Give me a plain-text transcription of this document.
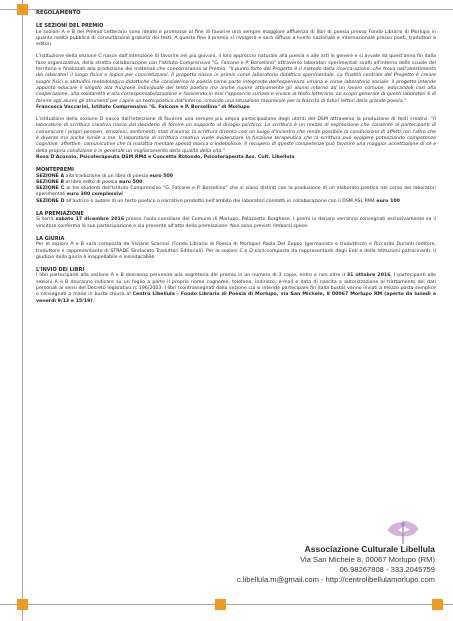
REGOLAMENTO
LE SEZIONI DEL PREMIO

Le sezioni A e B del Premio Letterario sono ideate e promosse al fine di favorire una sempre maggiore affluenza di libri di poesia presso Fondo Librario di Morlupo in quanto realtà pubblica di consultazione gratuita dei testi. A questo fine il premio si rivolgerà e sarà diffuso a livello nazionale e internazionale presso poeti, traduttori e editori.

L'istituzione della sezione C nasce dall'intenzione di favorire nei più giovani, il loro approccio naturale alla poesia e alle arti in genere e si avvale da quest'anno fin dalla fase organizzativa, della stretta collaborazione con l'Istituto Comprensivo "G. Falcone e P. Borsellino" attraverso laboratori sperimentali svolti all'interno delle scuole del territorio e finalizzati alla produzione dei materiali che concorreranno al Premio. "Il punto forte del Progetto è il metodo della ricerca-azione, che trova nell'allestimento dei laboratori il luogo fisico e logico per concretizzarsi. Il progetto nasce in primis come laboratorio didattico sperimentale. La finalità centrale del Progetto è creare luoghi fisici e abitudini metodologico-didattiche che considerino la poesia come parte integrante dell'esperienza umana e come laboratorio sociale: il progetto intende appunto educare il singolo alla fruizione individuale del testo poetico ma anche riunire attivamente gli alunni intorno ad un lavoro comune, educandoli così alla cooperazione, alla solidarietà e alla corresponsabilizzazione e favorendo in essi l'approccio curioso e vivace al testo letterario. Lo scopo generale di questi laboratori è di fornire agli alunni gli strumenti per capire un testo poetico dall'interno, creando una situazione favorevole per la Nascita di futuri lettori della grande poesia."

Francesca Vaccarini, Istituto Comprensivo "G. Falcone e P. Borsellino" di Morlupo

L'istituzione della sezione D nasce dall'intenzione di favorire una sempre più ampia partecipazione degli utenti del DSM attraverso la produzione di testi creativi. "Il laboratorio di scrittura creativa nasce dal desiderio di fornire un supporto al disagio psichico. La scrittura è un mezzo di espressione che consente ai partecipanti di comunicare i propri pensieri, emozioni, sentimenti, stati d'animo; la scrittura diventa così un luogo d'incontro che rende possibile la condivisione di affetti con l'altro che è diverso ma anche simile a me. Il laboratorio di scrittura creativa vuole evidenziare la funzione terapeutica che la scrittura può svolgere potenziando competenze cognitive, affettive, comunicative che la malattia mentale spesso blocca o indebolisce. Il recupero di queste competenze può favorire una maggior accettazione di sé e della propria condizione e in generale un miglioramento della qualità della vita."

Rosa D'Acunzio, Psicoterapeuta DSM RM4 e Concetta Rotondo, Psicoterapeuta Ass. Cult. Libellula

MONTEPREMI

SEZIONE A alla traduzione di un libro di poesia euro 500

SEZIONE B al libro edito di poesia euro 500

SEZIONE C ai tre studenti dell'Istituto Comprensivo "G. Falcone e P. Borsellino" che si siano distinti con la produzione di un elaborato poetico nel corso dei laboratori sperimentali euro 300 complessivi

SEZIONE D all'autrice o autore di un testo poetico o narrativo prodotto nell'ambito dei laboratori condotti in collaborazione con il DSM ASL RM4 euro 100

LA PREMIAZIONE

Si terrà sabato 17 dicembre 2016 presso l'aula consiliare del Comune di Morlupo, Palazzetto Borghese. I premi in denaro verranno consegnati esclusivamente se il vincitore conferma la sue partecipazione e sia presente all'atto della premiazione. Non sono previsti rimborsi spese.

LA GIURIA

Per le sezioni A e B sarà composta da Viviane Scarinci (Fondo Librario di Poesia di Morlupo) Paola Del Zoppo (germanista e traduttrice) e Riccardo Duranti (editore, traduttore e rappresentante di STRADE Sindacato Traduttori Editoriali). Per le sezioni C e D sarà composta da rappresentanti degli Enti e delle Istituzioni patrocinanti. Il giudizio della giuria è inappellabile e insindacabile.

L'INVIO DEI LIBRI

I libri partecipanti alla sezione A e B dovranno pervenire alla segreteria del premio in un numero di 3 copie, entro e non oltre il 31 ottobre 2016. I partecipanti alle sezioni A e B dovranno indicare su un foglio a parte il proprio nome cognome, telefono, indirizzo, e-mail e data di nascita e autorizzazione al trattamento dei dati personali ai sensi del Decreto legislativo n. 196/2003. I libri (contrassegnati dalla sezione cui si intende partecipare fin dalla busta) vanno inviati a mezzo posta semplice o consegnati a mano in busta chiusa al Centro Libellula - Fondo Librario di Poesia di Morlupo, via San Michele, 8 00067 Morlupo RM (aperto da lunedì a venerdì 9/13 e 15/19).

Associazione Culturale Libellula
Via San Michele 8, 00067 Morlupo (RM)
06.98267808 - 333.2045759
c.libellula.m@gmail.com - http://centrolibellulamorlupo.com
